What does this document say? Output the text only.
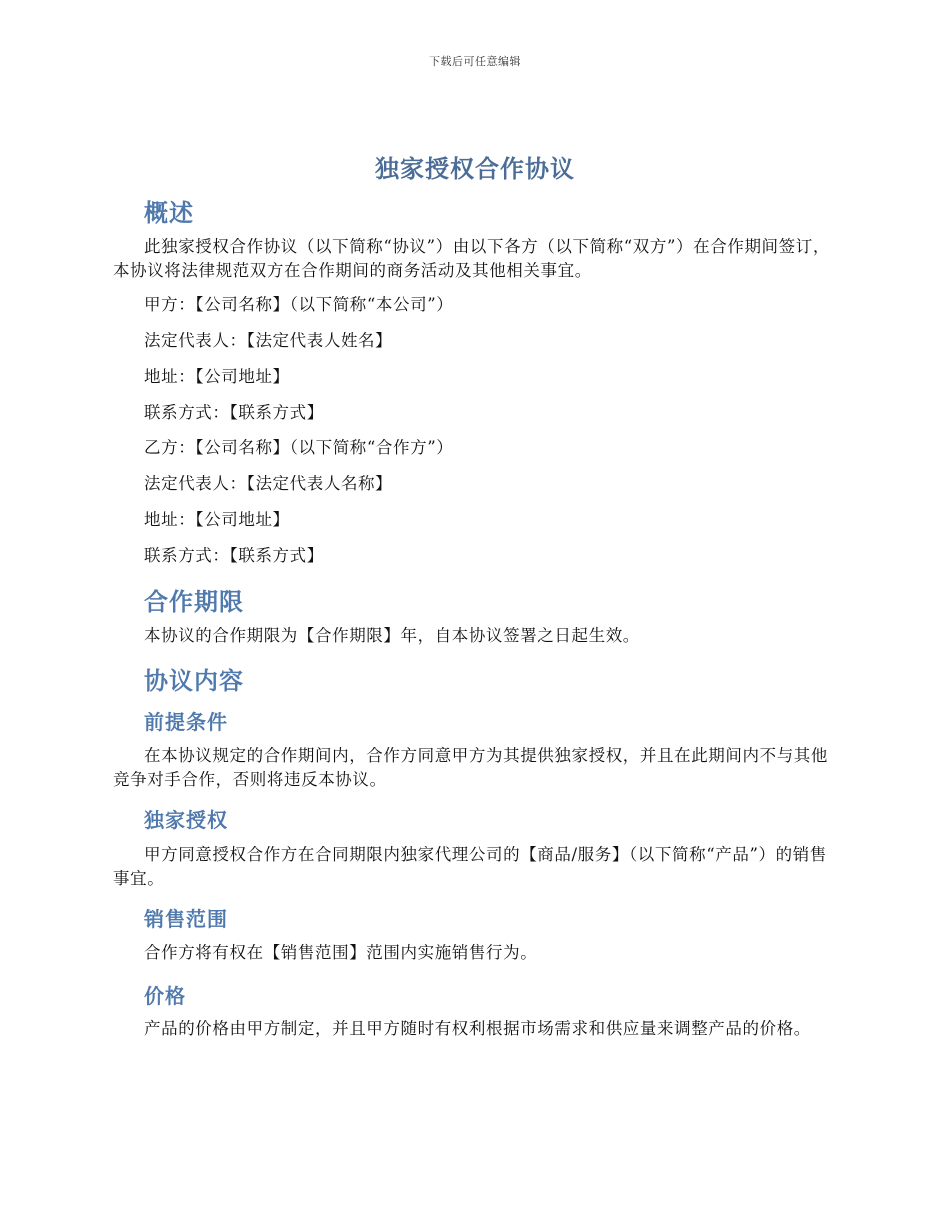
下载后可任意编辑
独家授权合作协议
概述

此独家授权合作协议（以下简称“协议”）由以下各方（以下简称“双方”）在合作期间签订，本协议将法律规范双方在合作期间的商务活动及其他相关事宜。

甲方：【公司名称】（以下简称“本公司”）

法定代表人：【法定代表人姓名】

地址：【公司地址】

联系方式：【联系方式】

乙方：【公司名称】（以下简称“合作方”）

法定代表人：【法定代表人名称】

地址：【公司地址】

联系方式：【联系方式】

合作期限

本协议的合作期限为【合作期限】年，自本协议签署之日起生效。

协议内容
前提条件

在本协议规定的合作期间内，合作方同意甲方为其提供独家授权，并且在此期间内不与其他竞争对手合作，否则将违反本协议。

独家授权

甲方同意授权合作方在合同期限内独家代理公司的【商品/服务】（以下简称“产品”）的销售事宜。

销售范围

合作方将有权在【销售范围】范围内实施销售行为。

价格

产品的价格由甲方制定，并且甲方随时有权利根据市场需求和供应量来调整产品的价格。
